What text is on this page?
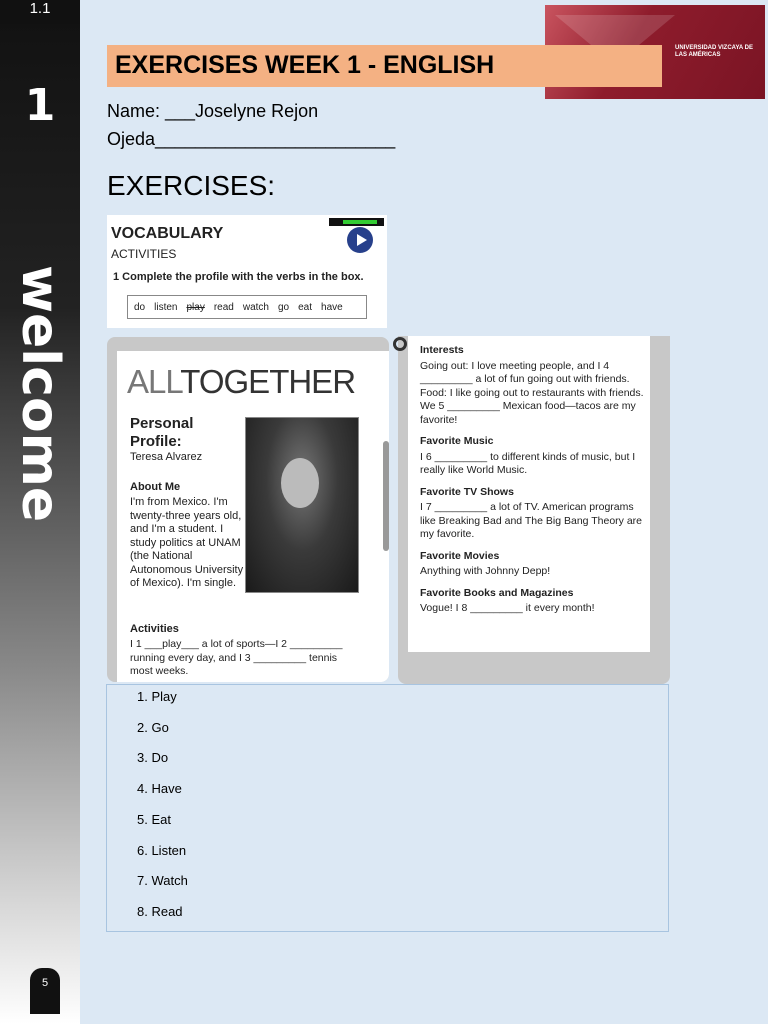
1.1
1
welcome
5
UNIVERSIDAD VIZCAYA DE LAS AMÉRICAS
EXERCISES WEEK 1 - ENGLISH
Name: ___Joselyne Rejon
Ojeda________________________
EXERCISES:
VOCABULARY
ACTIVITIES
1 Complete the profile with the verbs in the box.
do listen play read watch go eat have
ALLTOGETHER
Personal Profile:
Teresa Alvarez
About Me
I'm from Mexico. I'm twenty-three years old, and I'm a student. I study politics at UNAM (the National Autonomous University of Mexico). I'm single.
Activities
I 1 ___play___ a lot of sports—I 2 _________ running every day, and I 3 _________ tennis most weeks.
Interests

Going out: I love meeting people, and I 4 _________ a lot of fun going out with friends. Food: I like going out to restaurants with friends. We 5 _________ Mexican food—tacos are my favorite!

Favorite Music

I 6 _________ to different kinds of music, but I really like World Music.

Favorite TV Shows

I 7 _________ a lot of TV. American programs like Breaking Bad and The Big Bang Theory are my favorite.

Favorite Movies

Anything with Johnny Depp!

Favorite Books and Magazines

Vogue! I 8 _________ it every month!

1. Play
2. Go
3. Do
4. Have
5. Eat
6. Listen
7. Watch
8. Read
